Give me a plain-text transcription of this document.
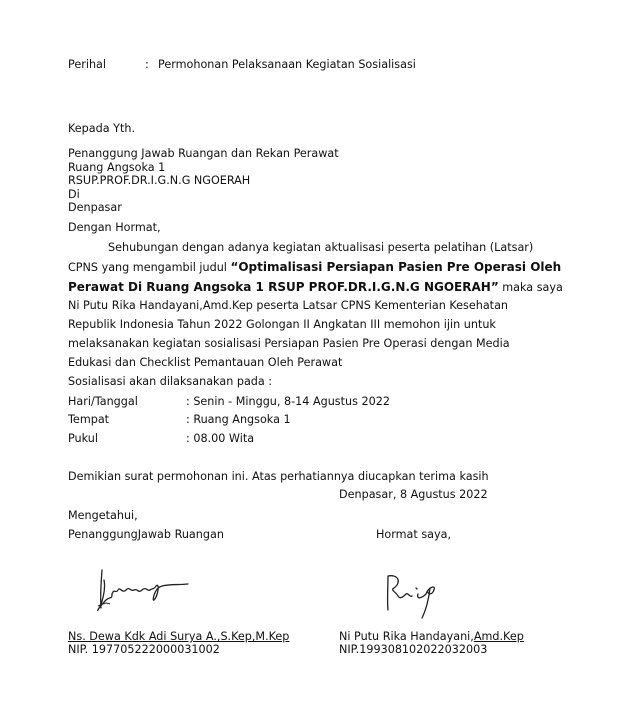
Perihal	: Permohonan Pelaksanaan Kegiatan Sosialisasi
Kepada Yth.
Penanggung Jawab Ruangan dan Rekan Perawat
Ruang Angsoka 1
RSUP.PROF.DR.I.G.N.G NGOERAH
Di
Denpasar
Dengan Hormat,
Sehubungan dengan adanya kegiatan aktualisasi peserta pelatihan (Latsar)
CPNS yang mengambil judul “Optimalisasi Persiapan Pasien Pre Operasi Oleh
Perawat Di Ruang Angsoka 1 RSUP PROF.DR.I.G.N.G NGOERAH” maka saya
Ni Putu Rika Handayani,Amd.Kep peserta Latsar CPNS Kementerian Kesehatan
Republik Indonesia Tahun 2022 Golongan II Angkatan III memohon ijin untuk
melaksanakan kegiatan sosialisasi Persiapan Pasien Pre Operasi dengan Media
Edukasi dan Checklist Pemantauan Oleh Perawat
Sosialisasi akan dilaksanakan pada :
Hari/Tanggal	: Senin - Minggu, 8-14 Agustus 2022
Tempat	: Ruang Angsoka 1
Pukul	: 08.00 Wita
Demikian surat permohonan ini. Atas perhatiannya diucapkan terima kasih
Denpasar, 8 Agustus 2022
Mengetahui,
PenanggungJawab Ruangan	Hormat saya,
Ns. Dewa Kdk Adi Surya A.,S.Kep,M.Kep
NIP. 197705222000031002
Ni Putu Rika Handayani,Amd.Kep
NIP.199308102022032003
